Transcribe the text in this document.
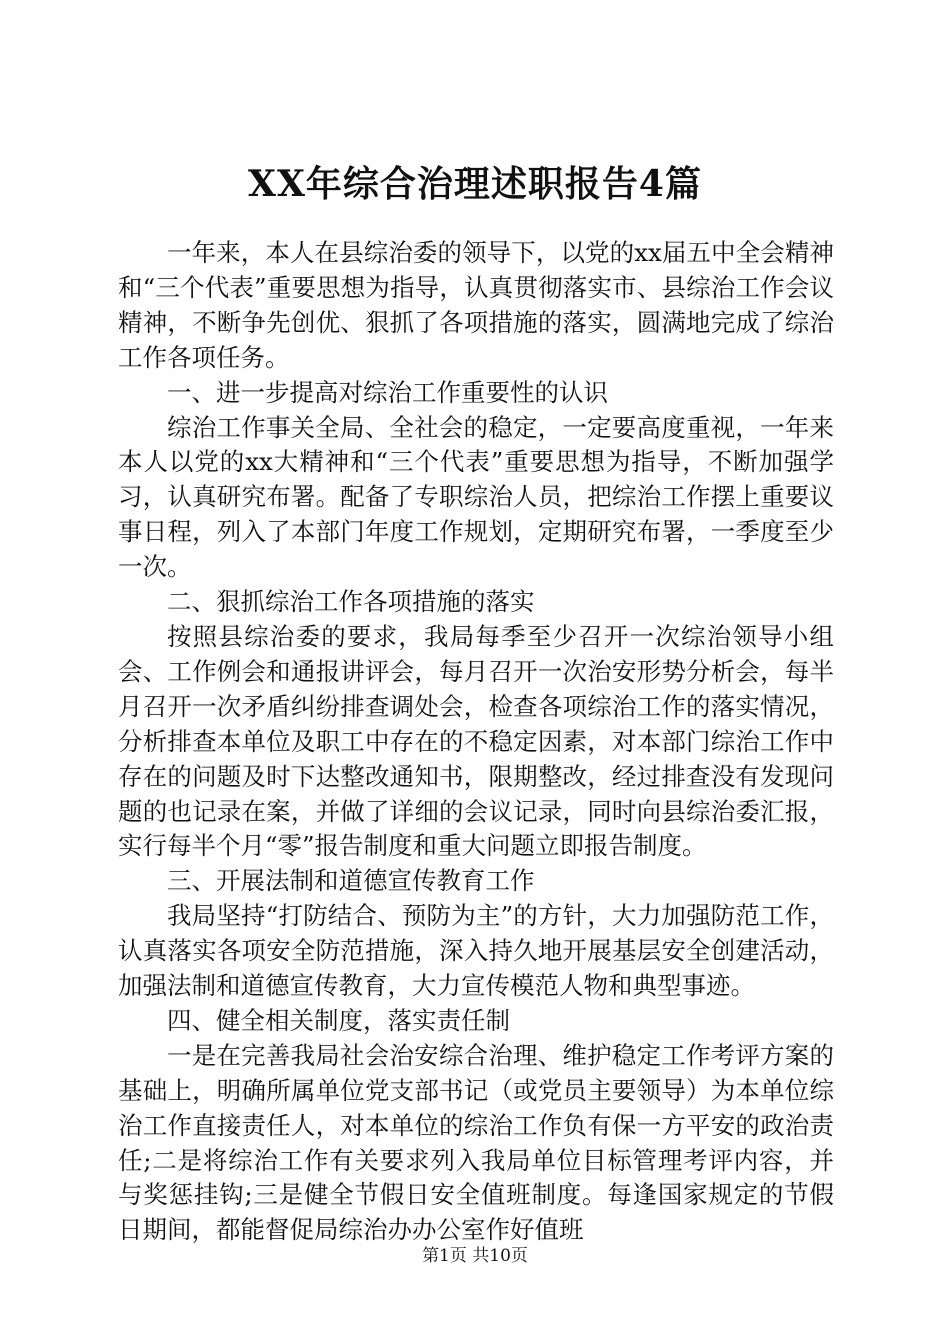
XX年综合治理述职报告4篇

一年来，本人在县综治委的领导下，以党的xx届五中全会精神和“三个代表”重要思想为指导，认真贯彻落实市、县综治工作会议精神，不断争先创优、狠抓了各项措施的落实，圆满地完成了综治工作各项任务。

一、进一步提高对综治工作重要性的认识

综治工作事关全局、全社会的稳定，一定要高度重视，一年来本人以党的xx大精神和“三个代表”重要思想为指导，不断加强学习，认真研究布署。配备了专职综治人员，把综治工作摆上重要议事日程，列入了本部门年度工作规划，定期研究布署，一季度至少一次。

二、狠抓综治工作各项措施的落实

按照县综治委的要求，我局每季至少召开一次综治领导小组会、工作例会和通报讲评会，每月召开一次治安形势分析会，每半月召开一次矛盾纠纷排查调处会，检查各项综治工作的落实情况，分析排查本单位及职工中存在的不稳定因素，对本部门综治工作中存在的问题及时下达整改通知书，限期整改，经过排查没有发现问题的也记录在案，并做了详细的会议记录，同时向县综治委汇报，实行每半个月“零”报告制度和重大问题立即报告制度。

三、开展法制和道德宣传教育工作

我局坚持“打防结合、预防为主”的方针，大力加强防范工作，认真落实各项安全防范措施，深入持久地开展基层安全创建活动，加强法制和道德宣传教育，大力宣传模范人物和典型事迹。

四、健全相关制度，落实责任制

一是在完善我局社会治安综合治理、维护稳定工作考评方案的基础上，明确所属单位党支部书记（或党员主要领导）为本单位综治工作直接责任人，对本单位的综治工作负有保一方平安的政治责任;二是将综治工作有关要求列入我局单位目标管理考评内容，并与奖惩挂钩;三是健全节假日安全值班制度。每逢国家规定的节假日期间，都能督促局综治办办公室作好值班

第1页 共10页
